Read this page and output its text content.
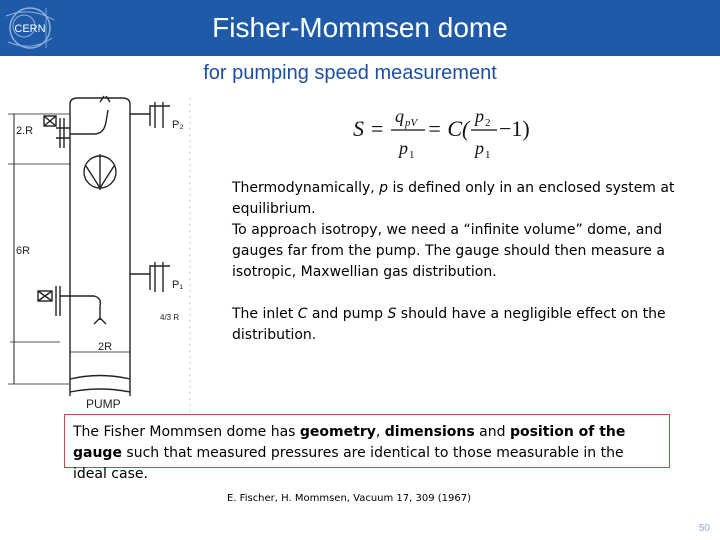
CERN	Fisher-Mommsen dome
for pumping speed measurement
P₂
2.R
6R
P₁
4/3 R
2R
PUMP
S = q pV
p 1
= C( p 2
p 1
−1)

Thermodynamically, p is defined only in an enclosed system at equilibrium.

To approach isotropy, we need a “infinite volume” dome, and gauges far from the pump. The gauge should then measure a isotropic, Maxwellian gas distribution.

The inlet C and pump S should have a negligible effect on the distribution.

The Fisher Mommsen dome has geometry, dimensions and position of the gauge such that measured pressures are identical to those measurable in the ideal case.
E. Fischer, H. Mommsen, Vacuum 17, 309 (1967)
50
